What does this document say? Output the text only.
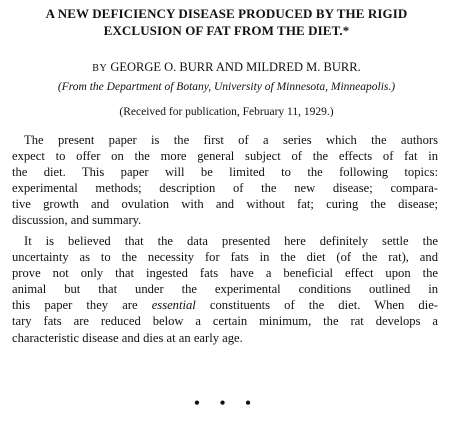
A NEW DEFICIENCY DISEASE PRODUCED BY THE RIGID
EXCLUSION OF FAT FROM THE DIET.*
BY GEORGE O. BURR AND MILDRED M. BURR.
(From the Department of Botany, University of Minnesota, Minneapolis.)
(Received for publication, February 11, 1929.)
The present paper is the first of a series which the authors
expect to offer on the more general subject of the effects of fat in
the diet. This paper will be limited to the following topics:
experimental methods; description of the new disease; compara-
tive growth and ovulation with and without fat; curing the disease;
discussion, and summary.
It is believed that the data presented here definitely settle the
uncertainty as to the necessity for fats in the diet (of the rat), and
prove not only that ingested fats have a beneficial effect upon the
animal but that under the experimental conditions outlined in
this paper they are essential constituents of the diet. When die-
tary fats are reduced below a certain minimum, the rat develops a
characteristic disease and dies at an early age.
• • •
